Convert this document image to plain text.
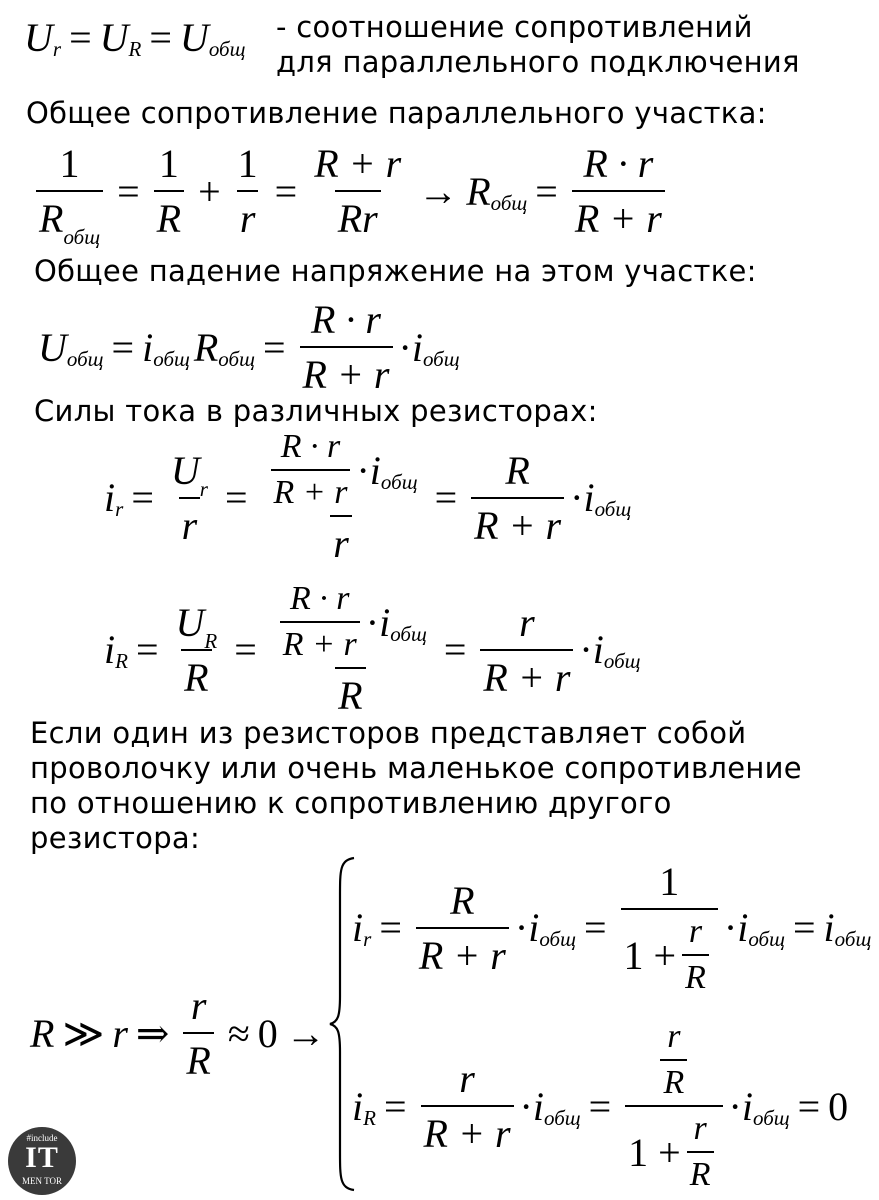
U r = U R = U общ
- соотношение сопротивлений
для параллельного подключения
Общее сопротивление параллельного участка:
1
$R_{общ}$
= $\frac{1}{R} + \frac{1}{r} = \frac{R + r}{Rr} \to R$ общ = $\frac{R \cdot r}{R + r}$
Общее падение напряжение на этом участке:
U общ = i общ R общ = $\frac{R \cdot r}{R + r} \cdot i$ общ
Силы тока в различных резисторах:
i $r = \frac{U_r}{r}$ =
R · r
R + r · i общ
r
= $\frac{R}{R + r} \cdot i$ общ
i $R = \frac{U_R}{R}$ =
R · r
R + r · i общ
R
= $\frac{r}{R + r} \cdot i$ общ
Если один из резисторов представляет собой
проволочку или очень маленькое сопротивление
по отношению к сопротивлению другого
резистора:
R ≫ r ⇒ $\frac{r}{R} \approx 0$ →
i $r = \frac{R}{R + r} \cdot i$ общ = $\frac{1}{1 + \frac{r}{R}} \cdot i$ общ = i общ
i $R = \frac{r}{R + r} \cdot i$ общ = $\frac{\frac{r}{R}}{1 + \frac{r}{R}} \cdot i$ общ = 0
#include
IT
MEN TOR
